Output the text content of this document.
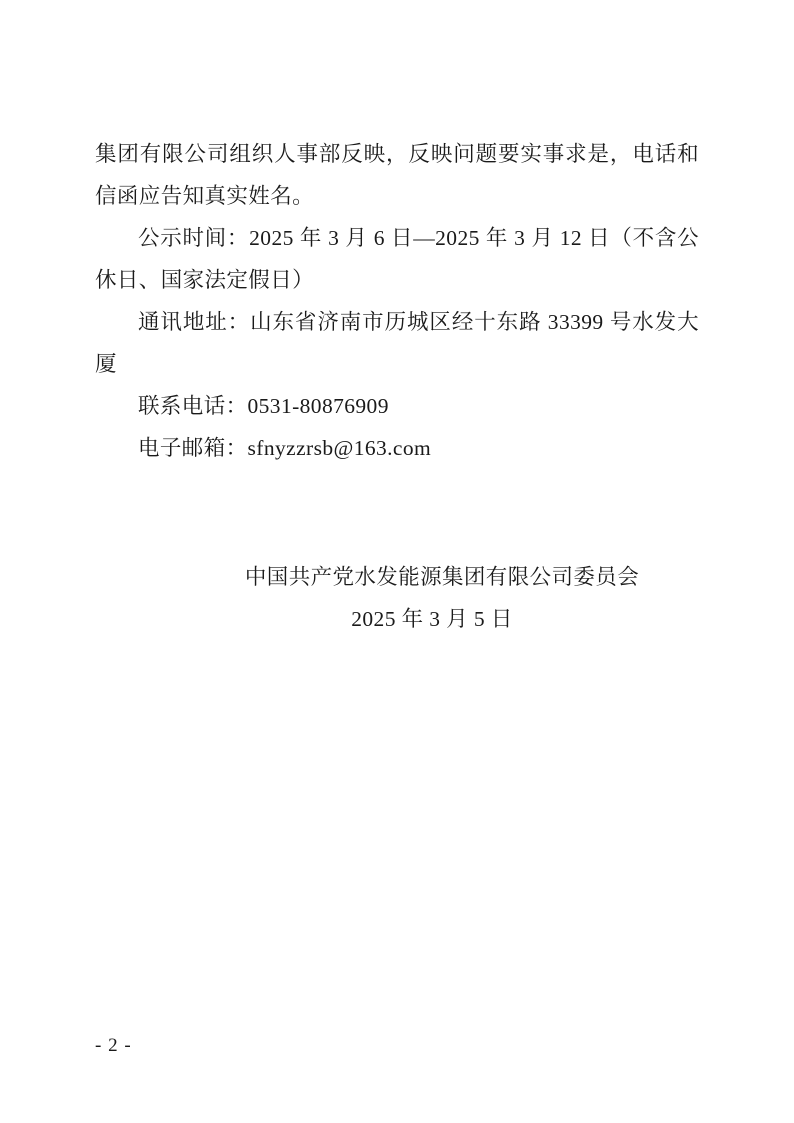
集团有限公司组织人事部反映，反映问题要实事求是，电话和信函应告知真实姓名。

公示时间：2025 年 3 月 6 日—2025 年 3 月 12 日（不含公休日、国家法定假日）

通讯地址：山东省济南市历城区经十东路 33399 号水发大厦

联系电话：0531-80876909

电子邮箱：sfnyzzrsb@163.com

中国共产党水发能源集团有限公司委员会

2025 年 3 月 5 日

- 2 -
